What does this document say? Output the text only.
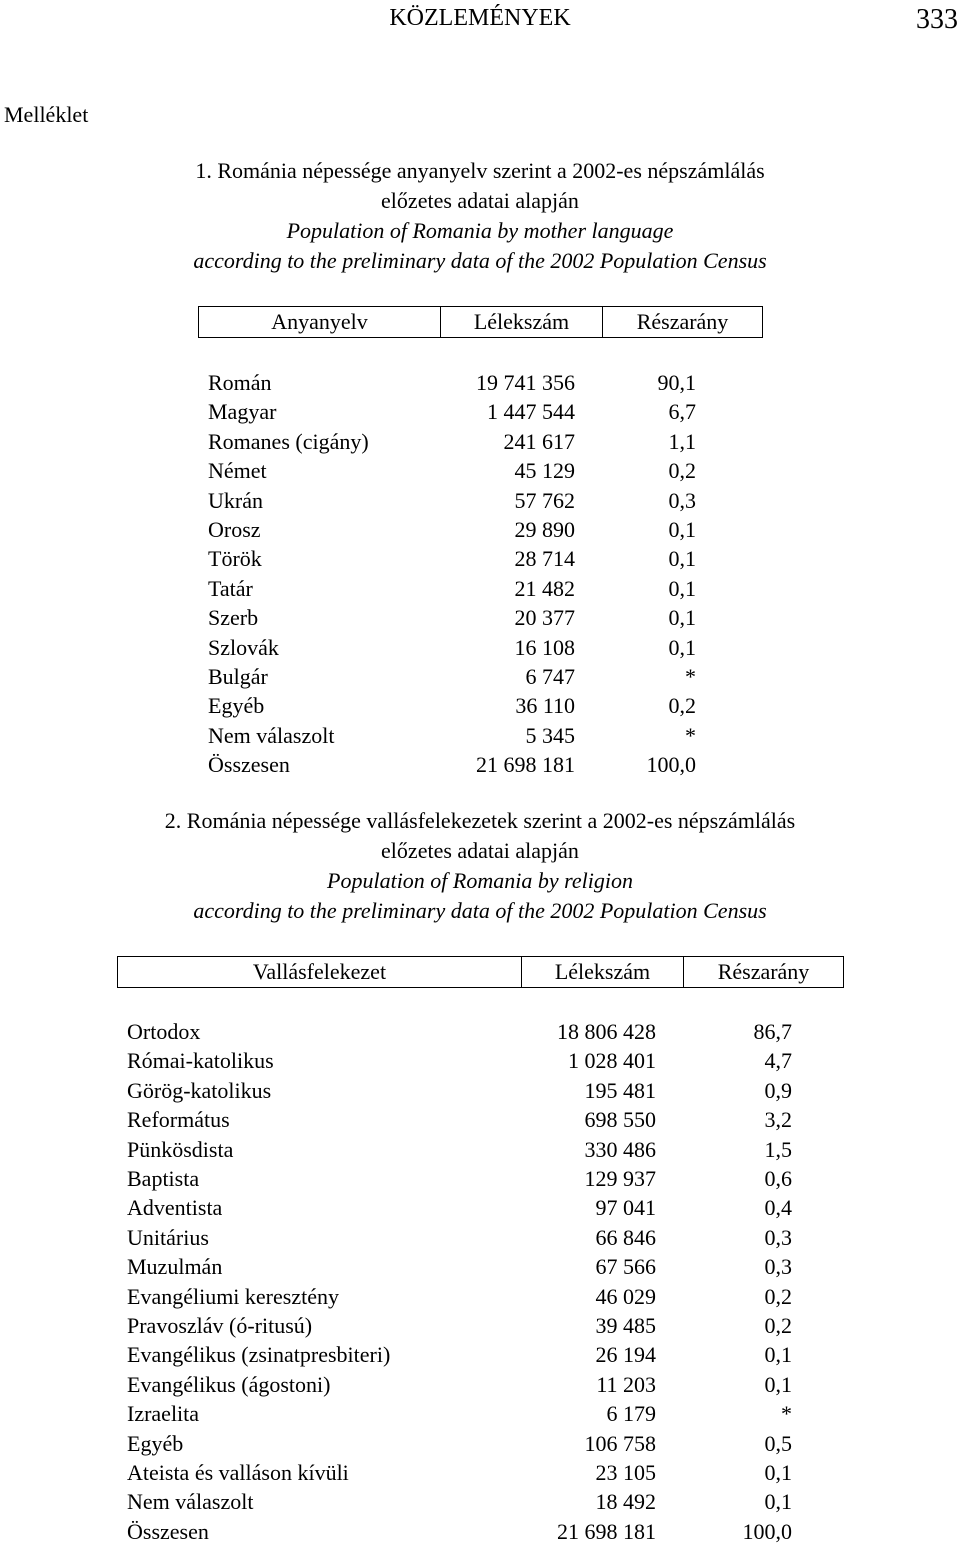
KÖZLEMÉNYEK	333
Melléklet
1. Románia népessége anyanyelv szerint a 2002-es népszámlálás
előzetes adatai alapján
Population of Romania by mother language
according to the preliminary data of the 2002 Population Census
Anyanyelv	Lélekszám	Részarány
Román	19 741 356	90,1
Magyar	1 447 544	6,7
Romanes (cigány)	241 617	1,1
Német	45 129	0,2
Ukrán	57 762	0,3
Orosz	29 890	0,1
Török	28 714	0,1
Tatár	21 482	0,1
Szerb	20 377	0,1
Szlovák	16 108	0,1
Bulgár	6 747	*
Egyéb	36 110	0,2
Nem válaszolt	5 345	*
Összesen	21 698 181	100,0
2. Románia népessége vallásfelekezetek szerint a 2002-es népszámlálás
előzetes adatai alapján
Population of Romania by religion
according to the preliminary data of the 2002 Population Census
Vallásfelekezet	Lélekszám	Részarány
Ortodox	18 806 428	86,7
Római-katolikus	1 028 401	4,7
Görög-katolikus	195 481	0,9
Református	698 550	3,2
Pünkösdista	330 486	1,5
Baptista	129 937	0,6
Adventista	97 041	0,4
Unitárius	66 846	0,3
Muzulmán	67 566	0,3
Evangéliumi keresztény	46 029	0,2
Pravoszláv (ó-ritusú)	39 485	0,2
Evangélikus (zsinatpresbiteri)	26 194	0,1
Evangélikus (ágostoni)	11 203	0,1
Izraelita	6 179	*
Egyéb	106 758	0,5
Ateista és valláson kívüli	23 105	0,1
Nem válaszolt	18 492	0,1
Összesen	21 698 181	100,0
